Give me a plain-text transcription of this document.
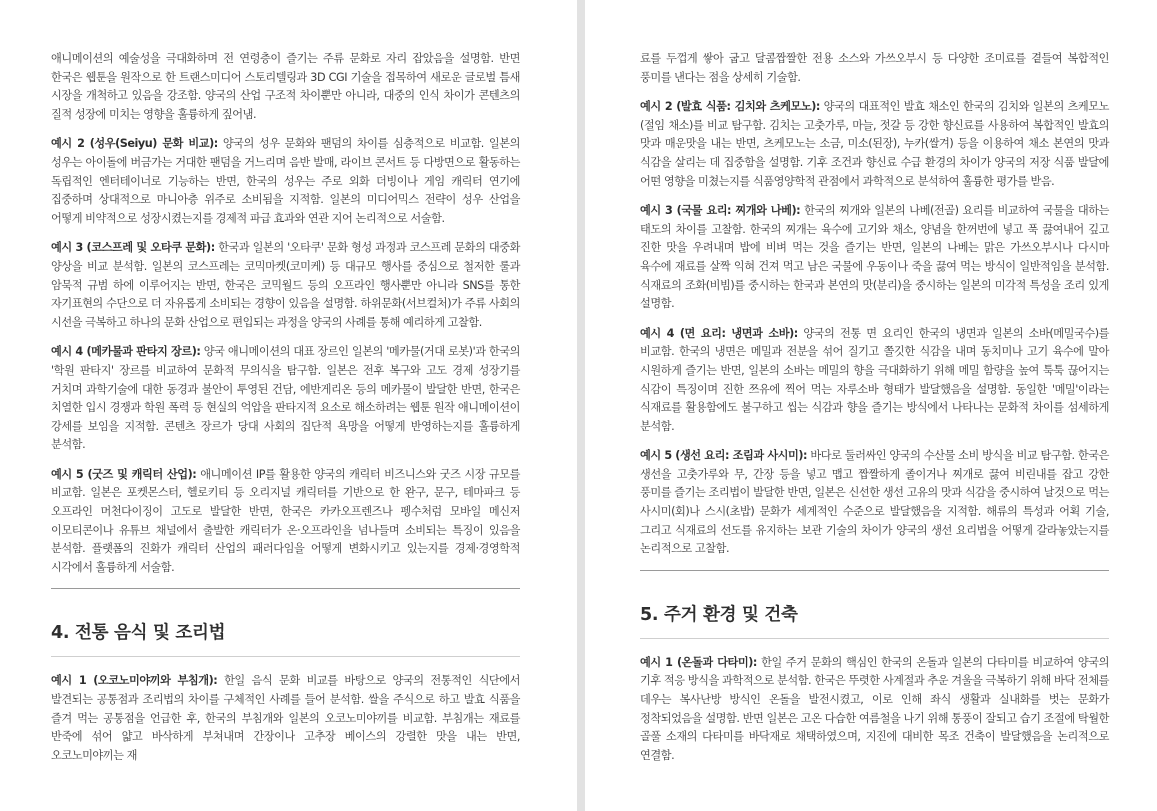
애니메이션의 예술성을 극대화하며 전 연령층이 즐기는 주류 문화로 자리 잡았음을 설명함. 반면 한국은 웹툰을 원작으로 한 트랜스미디어 스토리텔링과 3D CGI 기술을 접목하여 새로운 글로벌 틈새 시장을 개척하고 있음을 강조함. 양국의 산업 구조적 차이뿐만 아니라, 대중의 인식 차이가 콘텐츠의 질적 성장에 미치는 영향을 훌륭하게 짚어냄.

예시 2 (성우(Seiyu) 문화 비교): 양국의 성우 문화와 팬덤의 차이를 심층적으로 비교함. 일본의 성우는 아이돌에 버금가는 거대한 팬덤을 거느리며 음반 발매, 라이브 콘서트 등 다방면으로 활동하는 독립적인 엔터테이너로 기능하는 반면, 한국의 성우는 주로 외화 더빙이나 게임 캐릭터 연기에 집중하며 상대적으로 마니아층 위주로 소비됨을 지적함. 일본의 미디어믹스 전략이 성우 산업을 어떻게 비약적으로 성장시켰는지를 경제적 파급 효과와 연관 지어 논리적으로 서술함.

예시 3 (코스프레 및 오타쿠 문화): 한국과 일본의 '오타쿠' 문화 형성 과정과 코스프레 문화의 대중화 양상을 비교 분석함. 일본의 코스프레는 코믹마켓(코미케) 등 대규모 행사를 중심으로 철저한 룰과 암묵적 규범 하에 이루어지는 반면, 한국은 코믹월드 등의 오프라인 행사뿐만 아니라 SNS를 통한 자기표현의 수단으로 더 자유롭게 소비되는 경향이 있음을 설명함. 하위문화(서브컬처)가 주류 사회의 시선을 극복하고 하나의 문화 산업으로 편입되는 과정을 양국의 사례를 통해 예리하게 고찰함.

예시 4 (메카물과 판타지 장르): 양국 애니메이션의 대표 장르인 일본의 '메카물(거대 로봇)'과 한국의 '학원 판타지' 장르를 비교하여 문화적 무의식을 탐구함. 일본은 전후 복구와 고도 경제 성장기를 거치며 과학기술에 대한 동경과 불안이 투영된 건담, 에반게리온 등의 메카물이 발달한 반면, 한국은 치열한 입시 경쟁과 학원 폭력 등 현실의 억압을 판타지적 요소로 해소하려는 웹툰 원작 애니메이션이 강세를 보임을 지적함. 콘텐츠 장르가 당대 사회의 집단적 욕망을 어떻게 반영하는지를 훌륭하게 분석함.

예시 5 (굿즈 및 캐릭터 산업): 애니메이션 IP를 활용한 양국의 캐릭터 비즈니스와 굿즈 시장 규모를 비교함. 일본은 포켓몬스터, 헬로키티 등 오리지널 캐릭터를 기반으로 한 완구, 문구, 테마파크 등 오프라인 머천다이징이 고도로 발달한 반면, 한국은 카카오프렌즈나 펭수처럼 모바일 메신저 이모티콘이나 유튜브 채널에서 출발한 캐릭터가 온·오프라인을 넘나들며 소비되는 특징이 있음을 분석함. 플랫폼의 진화가 캐릭터 산업의 패러다임을 어떻게 변화시키고 있는지를 경제·경영학적 시각에서 훌륭하게 서술함.

4. 전통 음식 및 조리법

예시 1 (오코노미야끼와 부침개): 한일 음식 문화 비교를 바탕으로 양국의 전통적인 식단에서 발견되는 공통점과 조리법의 차이를 구체적인 사례를 들어 분석함. 쌀을 주식으로 하고 발효 식품을 즐겨 먹는 공통점을 언급한 후, 한국의 부침개와 일본의 오코노미야끼를 비교함. 부침개는 재료를 반죽에 섞어 얇고 바삭하게 부쳐내며 간장이나 고추장 베이스의 강렬한 맛을 내는 반면, 오코노미야끼는 재

료를 두껍게 쌓아 굽고 달콤짭짤한 전용 소스와 가쓰오부시 등 다양한 조미료를 곁들여 복합적인 풍미를 낸다는 점을 상세히 기술함.

예시 2 (발효 식품: 김치와 츠케모노): 양국의 대표적인 발효 채소인 한국의 김치와 일본의 츠케모노(절임 채소)를 비교 탐구함. 김치는 고춧가루, 마늘, 젓갈 등 강한 향신료를 사용하여 복합적인 발효의 맛과 매운맛을 내는 반면, 츠케모노는 소금, 미소(된장), 누카(쌀겨) 등을 이용하여 채소 본연의 맛과 식감을 살리는 데 집중함을 설명함. 기후 조건과 향신료 수급 환경의 차이가 양국의 저장 식품 발달에 어떤 영향을 미쳤는지를 식품영양학적 관점에서 과학적으로 분석하여 훌륭한 평가를 받음.

예시 3 (국물 요리: 찌개와 나베): 한국의 찌개와 일본의 나베(전골) 요리를 비교하여 국물을 대하는 태도의 차이를 고찰함. 한국의 찌개는 육수에 고기와 채소, 양념을 한꺼번에 넣고 푹 끓여내어 깊고 진한 맛을 우려내며 밥에 비벼 먹는 것을 즐기는 반면, 일본의 나베는 맑은 가쓰오부시나 다시마 육수에 재료를 살짝 익혀 건져 먹고 남은 국물에 우동이나 죽을 끓여 먹는 방식이 일반적임을 분석함. 식재료의 조화(비빔)를 중시하는 한국과 본연의 맛(분리)을 중시하는 일본의 미각적 특성을 조리 있게 설명함.

예시 4 (면 요리: 냉면과 소바): 양국의 전통 면 요리인 한국의 냉면과 일본의 소바(메밀국수)를 비교함. 한국의 냉면은 메밀과 전분을 섞어 질기고 쫄깃한 식감을 내며 동치미나 고기 육수에 말아 시원하게 즐기는 반면, 일본의 소바는 메밀의 향을 극대화하기 위해 메밀 함량을 높여 툭툭 끊어지는 식감이 특징이며 진한 쯔유에 찍어 먹는 자루소바 형태가 발달했음을 설명함. 동일한 '메밀'이라는 식재료를 활용함에도 불구하고 씹는 식감과 향을 즐기는 방식에서 나타나는 문화적 차이를 섬세하게 분석함.

예시 5 (생선 요리: 조림과 사시미): 바다로 둘러싸인 양국의 수산물 소비 방식을 비교 탐구함. 한국은 생선을 고춧가루와 무, 간장 등을 넣고 맵고 짭짤하게 졸이거나 찌개로 끓여 비린내를 잡고 강한 풍미를 즐기는 조리법이 발달한 반면, 일본은 신선한 생선 고유의 맛과 식감을 중시하여 날것으로 먹는 사시미(회)나 스시(초밥) 문화가 세계적인 수준으로 발달했음을 지적함. 해류의 특성과 어획 기술, 그리고 식재료의 선도를 유지하는 보관 기술의 차이가 양국의 생선 요리법을 어떻게 갈라놓았는지를 논리적으로 고찰함.

5. 주거 환경 및 건축

예시 1 (온돌과 다타미): 한일 주거 문화의 핵심인 한국의 온돌과 일본의 다타미를 비교하여 양국의 기후 적응 방식을 과학적으로 분석함. 한국은 뚜렷한 사계절과 추운 겨울을 극복하기 위해 바닥 전체를 데우는 복사난방 방식인 온돌을 발전시켰고, 이로 인해 좌식 생활과 실내화를 벗는 문화가 정착되었음을 설명함. 반면 일본은 고온 다습한 여름철을 나기 위해 통풍이 잘되고 습기 조절에 탁월한 골풀 소재의 다타미를 바닥재로 채택하였으며, 지진에 대비한 목조 건축이 발달했음을 논리적으로 연결함.
